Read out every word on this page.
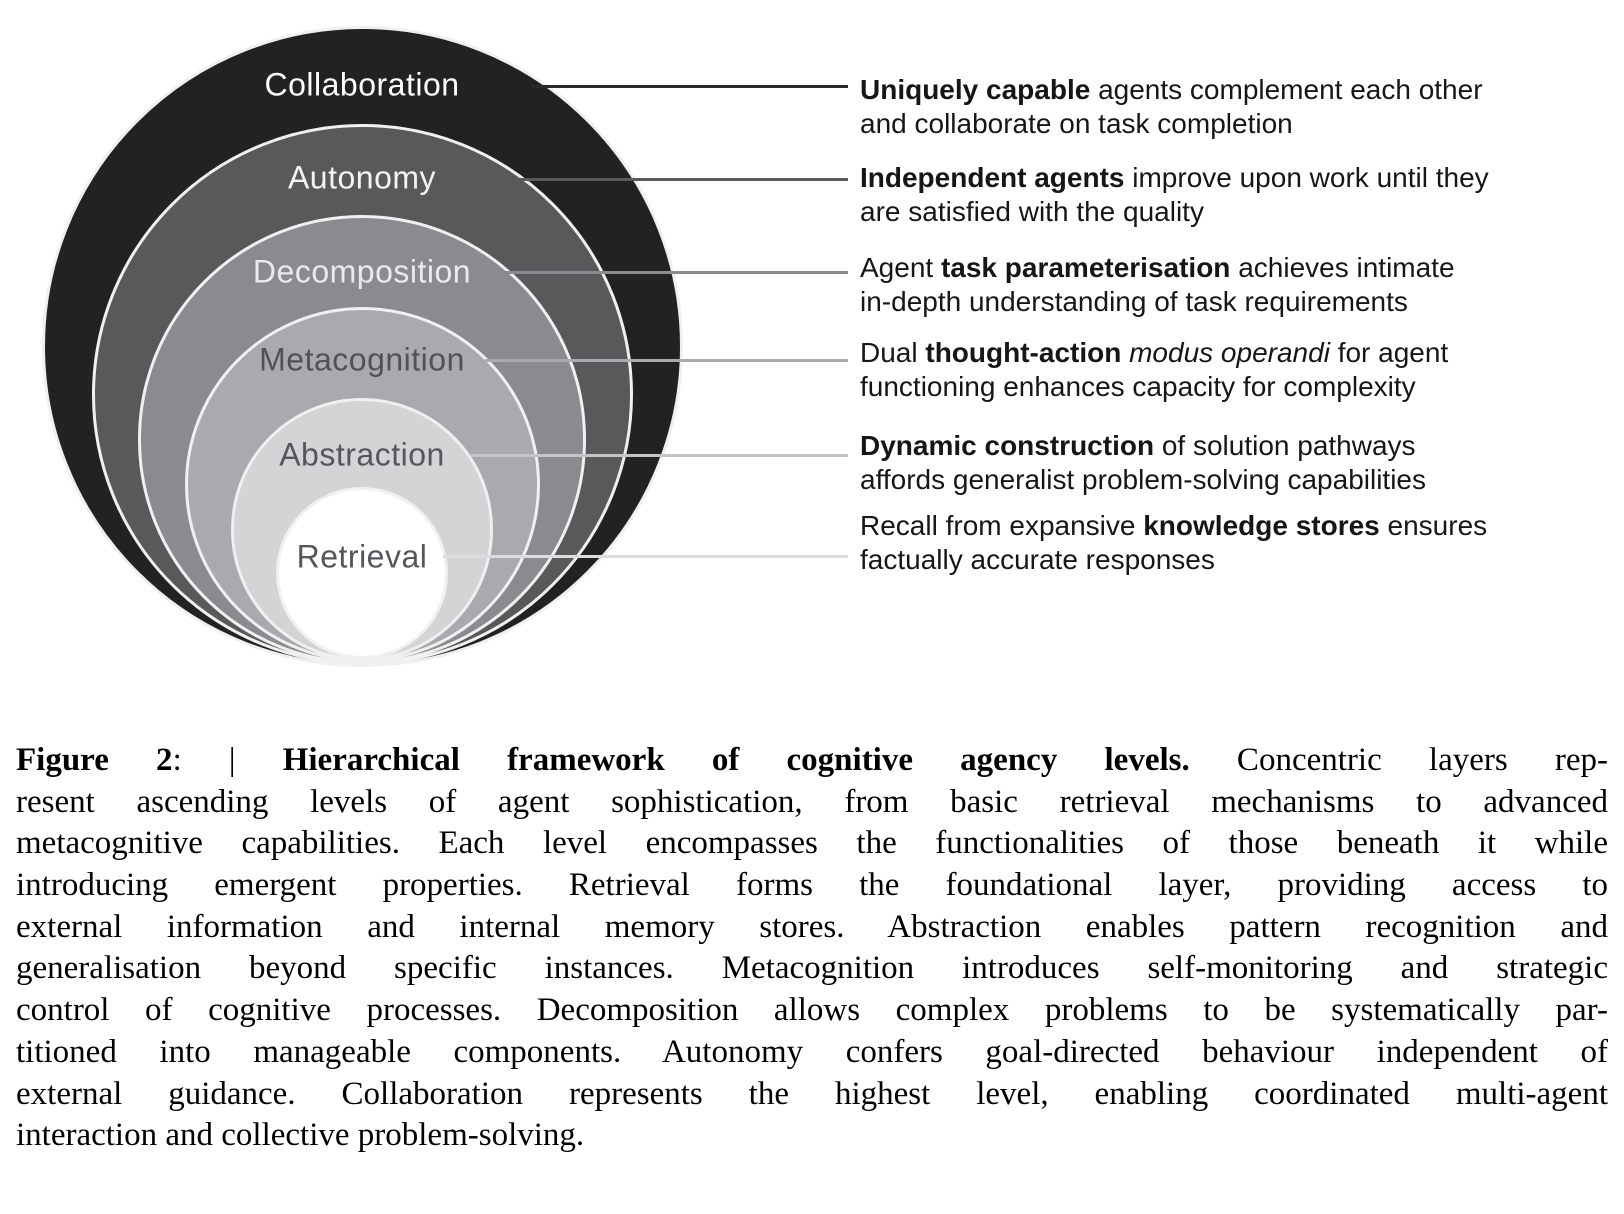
Collaboration
Autonomy
Decomposition
Metacognition
Abstraction
Retrieval
Uniquely capable agents complement each other
and collaborate on task completion
Independent agents improve upon work until they
are satisfied with the quality
Agent task parameterisation achieves intimate
in-depth understanding of task requirements
Dual thought-action modus operandi for agent
functioning enhances capacity for complexity
Dynamic construction of solution pathways
affords generalist problem-solving capabilities
Recall from expansive knowledge stores ensures
factually accurate responses
Figure 2: | Hierarchical framework of cognitive agency levels. Concentric layers rep-
resent ascending levels of agent sophistication, from basic retrieval mechanisms to advanced
metacognitive capabilities. Each level encompasses the functionalities of those beneath it while
introducing emergent properties. Retrieval forms the foundational layer, providing access to
external information and internal memory stores. Abstraction enables pattern recognition and
generalisation beyond specific instances. Metacognition introduces self-monitoring and strategic
control of cognitive processes. Decomposition allows complex problems to be systematically par-
titioned into manageable components. Autonomy confers goal-directed behaviour independent of
external guidance. Collaboration represents the highest level, enabling coordinated multi-agent
interaction and collective problem-solving.
